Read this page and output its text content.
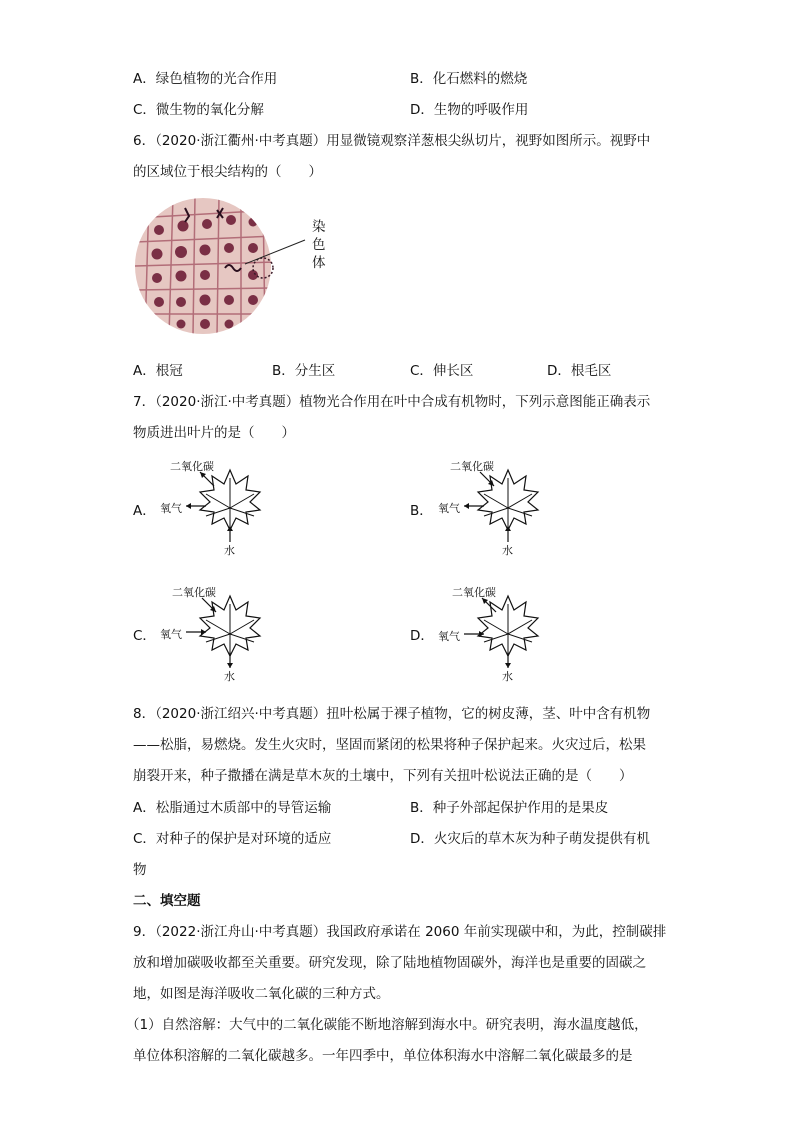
A．绿色植物的光合作用	B．化石燃料的燃烧
C．微生物的氧化分解	D．生物的呼吸作用
6．（2020·浙江衢州·中考真题）用显微镜观察洋葱根尖纵切片，视野如图所示。视野中
的区域位于根尖结构的（　　）
染
色
体
A．根冠	B．分生区	C．伸长区	D．根毛区
7．（2020·浙江·中考真题）植物光合作用在叶中合成有机物时，下列示意图能正确表示
物质进出叶片的是（　　）
A．
二氧化碳
氧气
水
B．
二氧化碳
氧气
水
C．
二氧化碳
氧气
水
D．
二氧化碳
氧气
水
8．（2020·浙江绍兴·中考真题）扭叶松属于裸子植物，它的树皮薄，茎、叶中含有机物
——松脂，易燃烧。发生火灾时，坚固而紧闭的松果将种子保护起来。火灾过后，松果
崩裂开来，种子撒播在满是草木灰的土壤中，下列有关扭叶松说法正确的是（　　）
A．松脂通过木质部中的导管运输	B．种子外部起保护作用的是果皮
C．对种子的保护是对环境的适应	D．火灾后的草木灰为种子萌发提供有机
物
二、填空题
9．（2022·浙江舟山·中考真题）我国政府承诺在 2060 年前实现碳中和，为此，控制碳排
放和增加碳吸收都至关重要。研究发现，除了陆地植物固碳外，海洋也是重要的固碳之
地，如图是海洋吸收二氧化碳的三种方式。
（1）自然溶解：大气中的二氧化碳能不断地溶解到海水中。研究表明，海水温度越低，
单位体积溶解的二氧化碳越多。一年四季中，单位体积海水中溶解二氧化碳最多的是
